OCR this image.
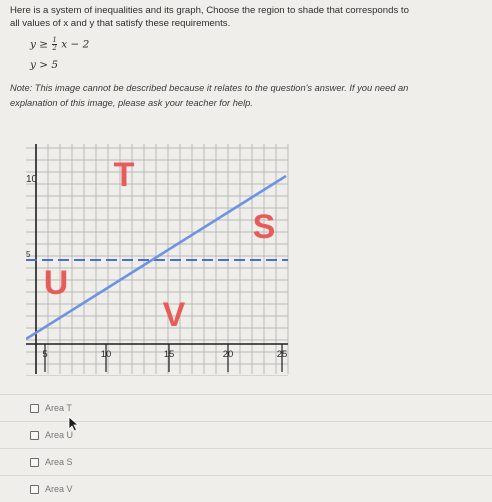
Here is a system of inequalities and its graph, Choose the region to shade that corresponds to
all values of x and y that satisfy these requirements.
$y \ge \frac{1}{2}$ x − 2
y > 5
Note: This image cannot be described because it relates to the question's answer. If you need an
explanation of this image, please ask your teacher for help.
10
5
5	10	15	20	25
T
S
U
V
Area T
Area U
Area S
Area V
